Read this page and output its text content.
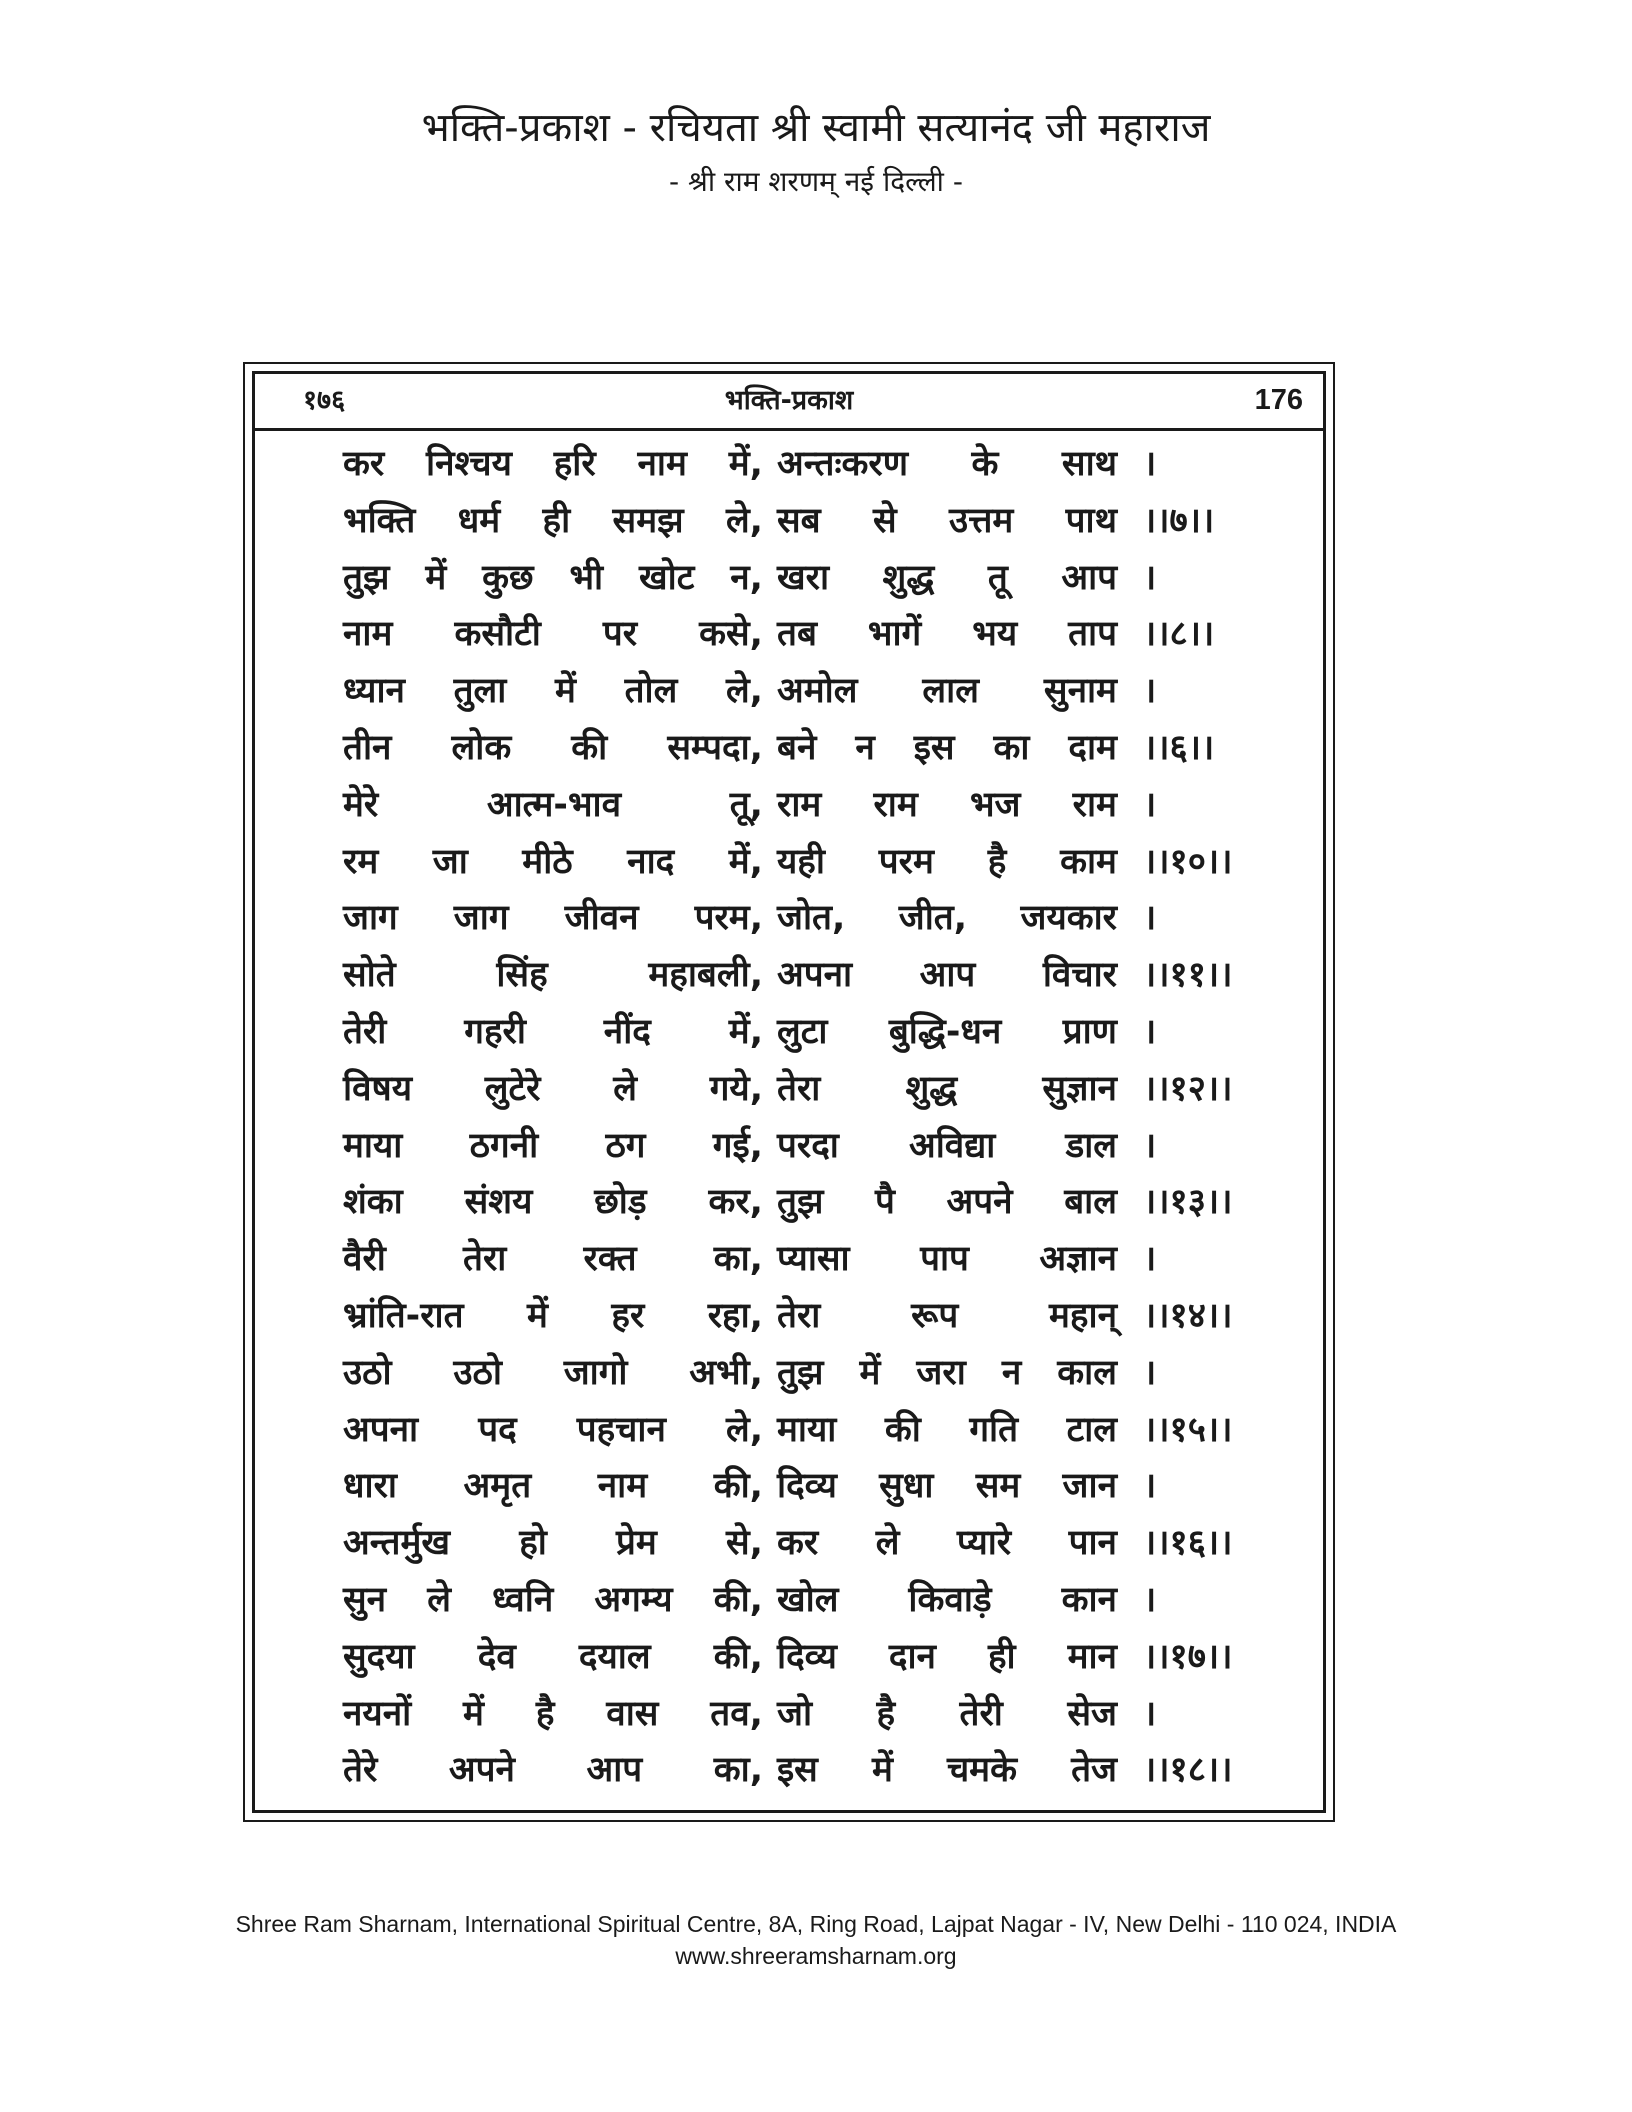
भक्ति-प्रकाश - रचियता श्री स्वामी सत्यानंद जी महाराज
- श्री राम शरणम् नई दिल्ली -
१७६	भक्ति-प्रकाश	176
कर निश्चय हरि नाम में, अन्तःकरण के साथ ।
भक्ति धर्म ही समझ ले, सब से उत्तम पाथ ।।७।।
तुझ में कुछ भी खोट न, खरा शुद्ध तू आप ।
नाम कसौटी पर कसे, तब भागें भय ताप ।।८।।
ध्यान तुला में तोल ले, अमोल लाल सुनाम ।
तीन लोक की सम्पदा, बने न इस का दाम ।।६।।
मेरे	आत्म-भाव	तू, राम राम भज राम ।
रम जा मीठे नाद में, यही परम है काम ।।१०।।
जाग जाग जीवन परम, जोत, जीत, जयकार ।
सोते	सिंह	महाबली, अपना आप विचार ।।११।।
तेरी गहरी नींद में, लुटा बुद्धि-धन प्राण ।
विषय लुटेरे ले गये, तेरा शुद्ध सुज्ञान ।।१२।।
माया ठगनी ठग गई, परदा अविद्या डाल ।
शंका संशय छोड़ कर, तुझ पै अपने बाल ।।१३।।
वैरी तेरा रक्त का, प्यासा पाप अज्ञान ।
भ्रांति-रात में हर रहा, तेरा	रूप	महान् ।।१४।।
उठो उठो जागो अभी, तुझ में जरा न काल ।
अपना पद पहचान ले, माया की गति टाल ।।१५।।
धारा अमृत नाम की, दिव्य सुधा सम जान ।
अन्तर्मुख हो प्रेम से, कर ले प्यारे पान ।।१६।।
सुन ले ध्वनि अगम्य की, खोल किवाड़े कान ।
सुदया देव दयाल की, दिव्य दान ही मान ।।१७।।
नयनों में है वास तव, जो है तेरी सेज ।
तेरे अपने आप का, इस में चमके तेज ।।१८।।
Shree Ram Sharnam, International Spiritual Centre, 8A, Ring Road, Lajpat Nagar - IV, New Delhi - 110 024, INDIA
www.shreeramsharnam.org
